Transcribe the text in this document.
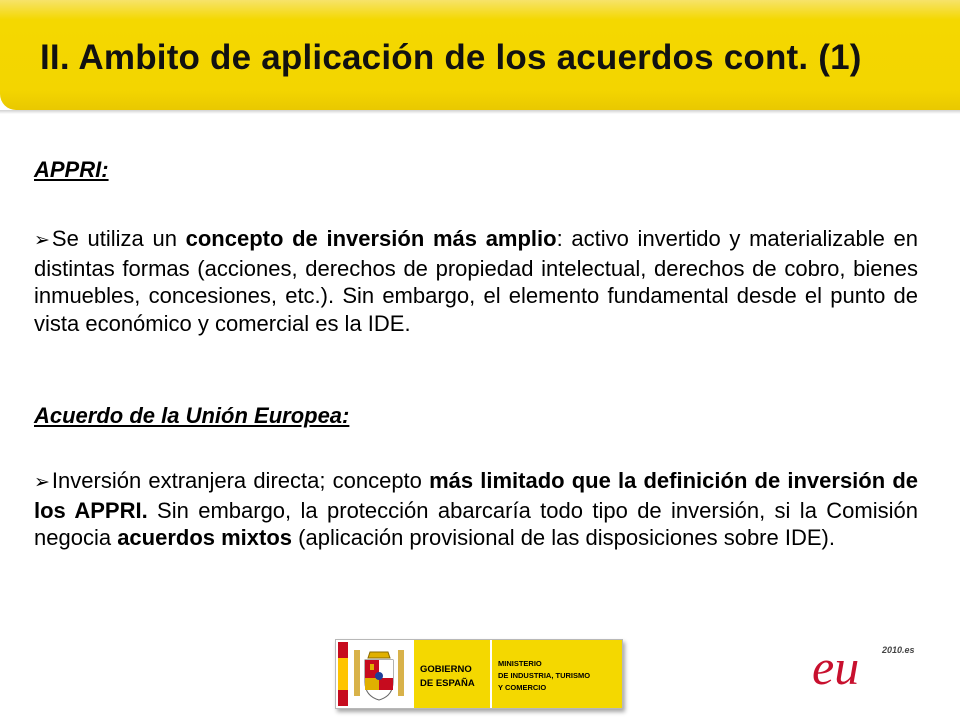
II. Ambito de aplicación de los acuerdos cont. (1)

APPRI:

➢Se utiliza un concepto de inversión más amplio: activo invertido y materializable en distintas formas (acciones, derechos de propiedad intelectual, derechos de cobro, bienes inmuebles, concesiones, etc.). Sin embargo, el elemento fundamental desde el punto de vista económico y comercial es la IDE.

Acuerdo de la Unión Europea:

➢Inversión extranjera directa; concepto más limitado que la definición de inversión de los APPRI. Sin embargo, la protección abarcaría todo tipo de inversión, si la Comisión negocia acuerdos mixtos (aplicación provisional de las disposiciones sobre IDE).

GOBIERNO
DE ESPAÑA
MINISTERIO
DE INDUSTRIA, TURISMO
Y COMERCIO	eu	2010.es
